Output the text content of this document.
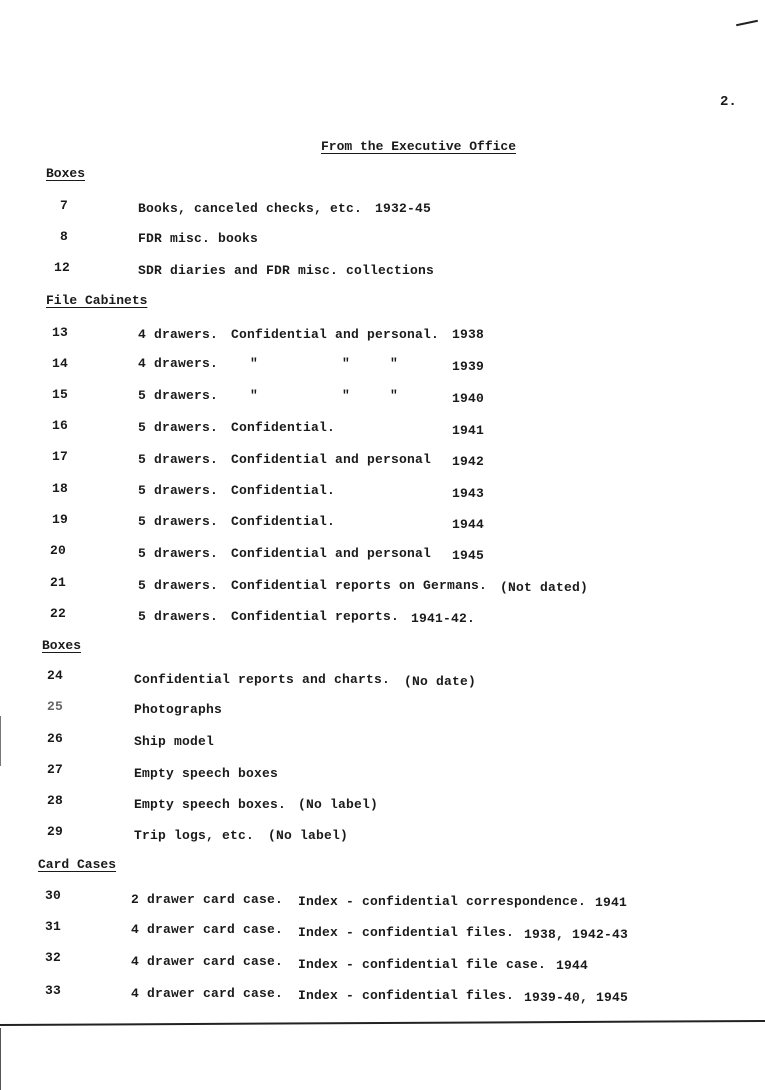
2.
From the Executive Office
Boxes
7	Books, canceled checks, etc. 1932-45
8	FDR misc. books
12	SDR diaries and FDR misc. collections
File Cabinets
13	4 drawers. Confidential and personal. 1938
14	4 drawers. "	"	"	1939
15	5 drawers. "	"	"	1940
16	5 drawers. Confidential.	1941
17	5 drawers. Confidential and personal 1942
18	5 drawers. Confidential.	1943
19	5 drawers. Confidential.	1944
20	5 drawers. Confidential and personal 1945
21	5 drawers. Confidential reports on Germans. (Not dated)
22	5 drawers. Confidential reports. 1941-42.
Boxes
24	Confidential reports and charts. (No date)
25	Photographs
26	Ship model
27	Empty speech boxes
28	Empty speech boxes. (No label)
29	Trip logs, etc. (No label)
Card Cases
30	2 drawer card case. Index - confidential correspondence. 1941
31	4 drawer card case. Index - confidential files. 1938, 1942-43
32	4 drawer card case. Index - confidential file case. 1944
33	4 drawer card case. Index - confidential files. 1939-40, 1945
